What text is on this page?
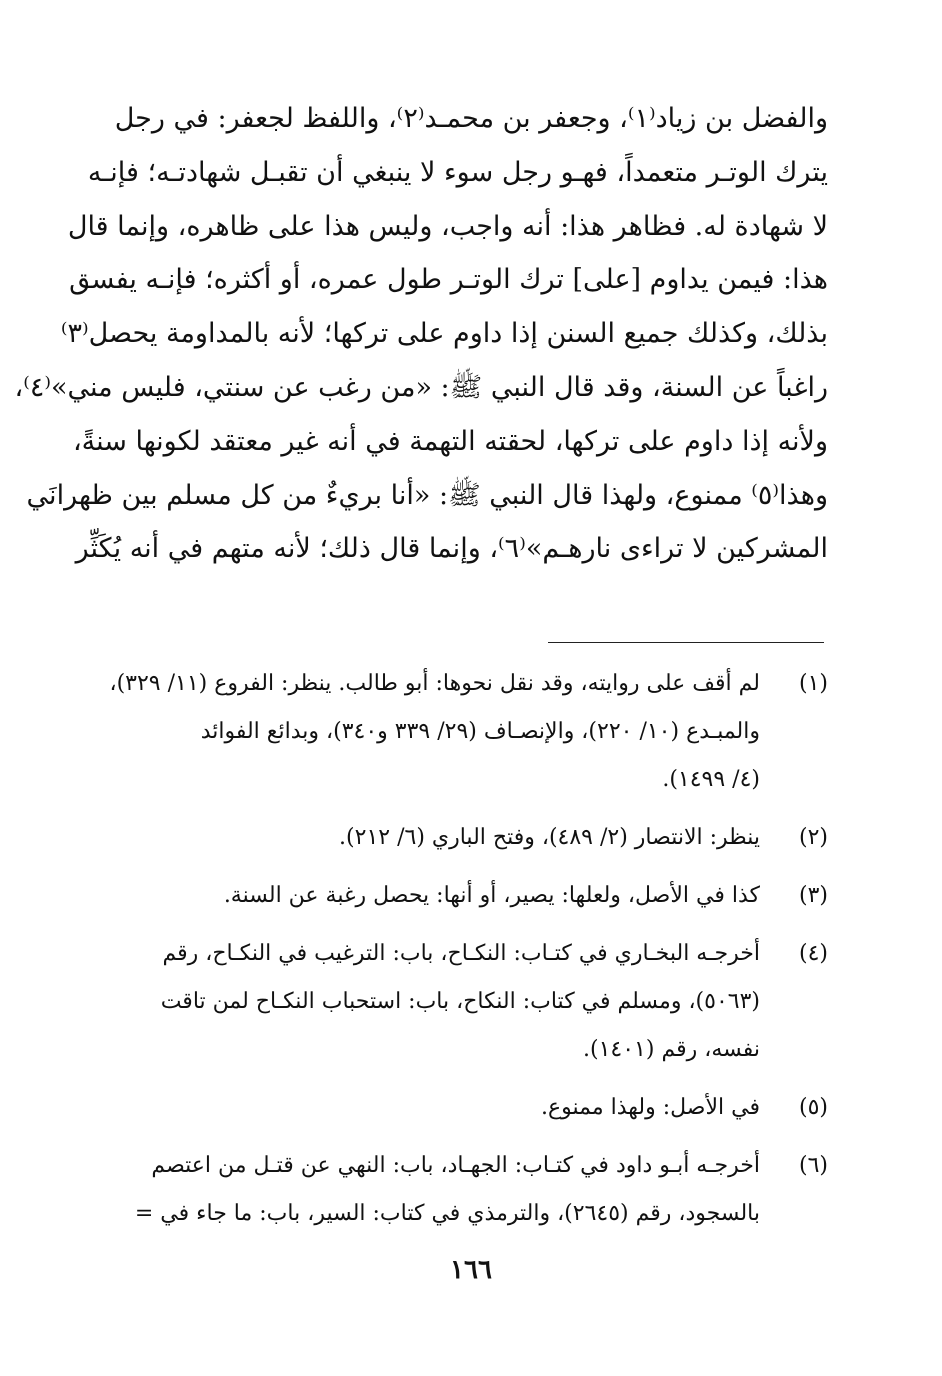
والفضل بن زياد⁽١⁾، وجعفر بن محمـد⁽٢⁾، واللفظ لجعفر: في رجل
يترك الوتـر متعمداً، فهـو رجل سوء لا ينبغي أن تقبـل شهادتـه؛ فإنـه
لا شهادة له. فظاهر هذا: أنه واجب، وليس هذا على ظاهره، وإنما قال
هذا: فيمن يداوم [على] ترك الوتـر طول عمره، أو أكثره؛ فإنـه يفسق
بذلك، وكذلك جميع السنن إذا داوم على تركها؛ لأنه بالمداومة يحصل⁽٣⁾
راغباً عن السنة، وقد قال النبي ﷺ: «من رغب عن سنتي، فليس مني»⁽٤⁾،
ولأنه إذا داوم على تركها، لحقته التهمة في أنه غير معتقد لكونها سنةً،
وهذا⁽٥⁾ ممنوع، ولهذا قال النبي ﷺ: «أنا بريءٌ من كل مسلم بين ظهرانَي
المشركين لا تراءى نارهـم»⁽٦⁾، وإنما قال ذلك؛ لأنه متهم في أنه يُكَثِّر
(١)
لم أقف على روايته، وقد نقل نحوها: أبو طالب. ينظر: الفروع (١١/ ٣٢٩)،
والمبـدع (١٠/ ٢٢٠)، والإنصـاف (٢٩/ ٣٣٩ و٣٤٠)، وبدائع الفوائد
(٤/ ١٤٩٩).
(٢)
ينظر: الانتصار (٢/ ٤٨٩)، وفتح الباري (٦/ ٢١٢).
(٣)
كذا في الأصل، ولعلها: يصير، أو أنها: يحصل رغبة عن السنة.
(٤)
أخرجـه البخـاري في كتـاب: النكـاح، باب: الترغيب في النكـاح، رقم
(٥٠٦٣)، ومسلم في كتاب: النكاح، باب: استحباب النكـاح لمن تاقت
نفسه، رقم (١٤٠١).
(٥)
في الأصل: ولهذا ممنوع.
(٦)
أخرجـه أبـو داود في كتـاب: الجهـاد، باب: النهي عن قتـل من اعتصم
بالسجود، رقم (٢٦٤٥)، والترمذي في كتاب: السير، باب: ما جاء في =
١٦٦
